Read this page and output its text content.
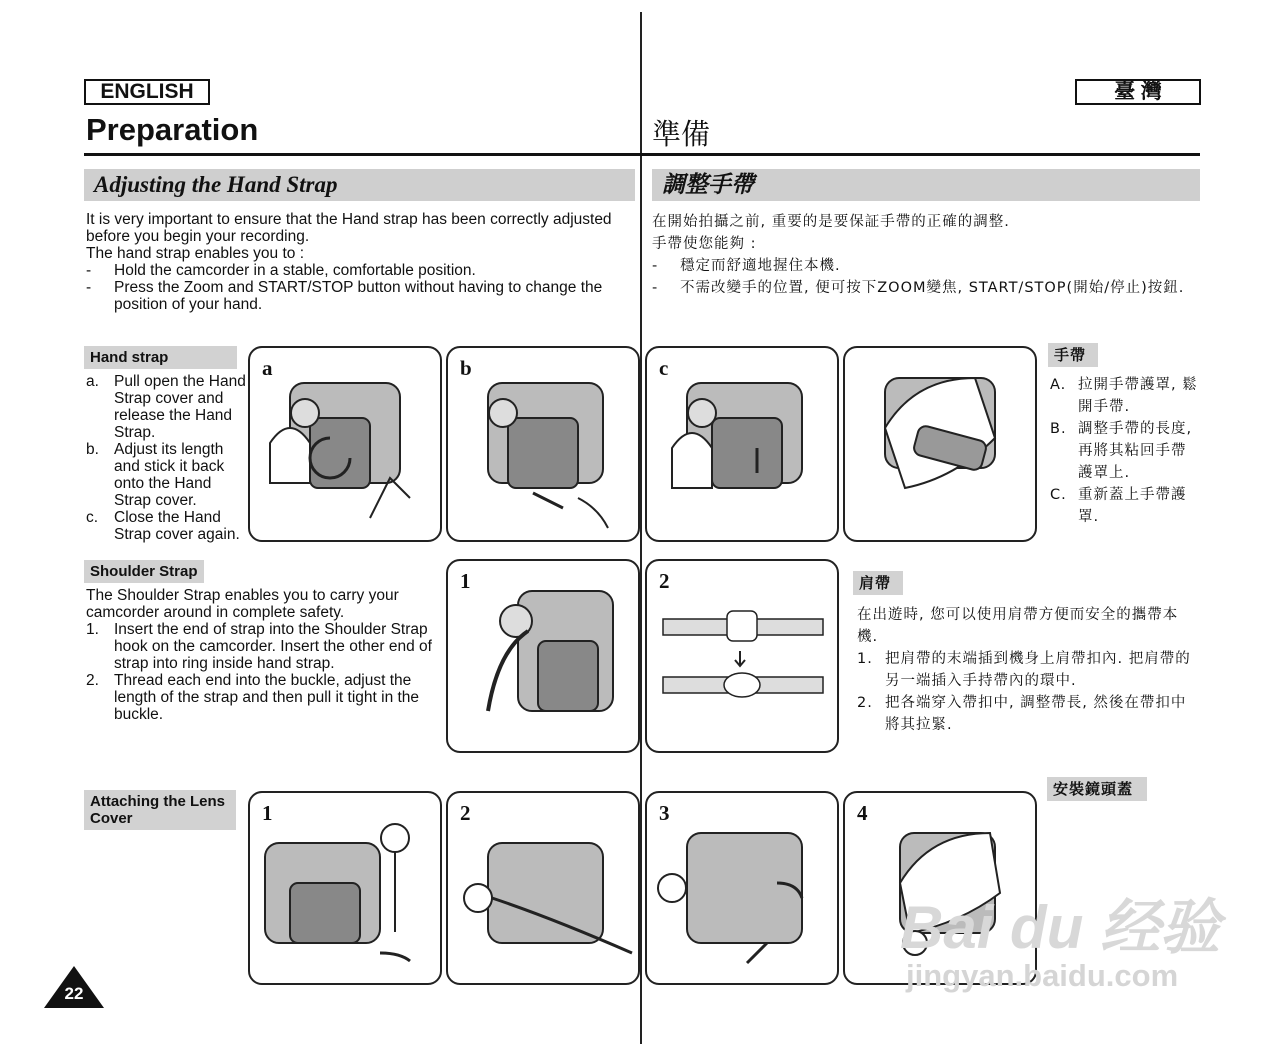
ENGLISH	臺 灣
Preparation	準備
Adjusting the Hand Strap	調整手帶

It is very important to ensure that the Hand strap has been correctly adjusted

before you begin your recording.

The hand strap enables you to :

- Hold the camcorder in a stable, comfortable position.
- Press the Zoom and START/STOP button without having to change the position of your hand.

在開始拍攝之前, 重要的是要保証手帶的正確的調整.

手帶使您能夠 :

- 穩定而舒適地握住本機.
- 不需改變手的位置, 便可按下ZOOM變焦, START/STOP(開始/停止)按鈕.
Hand strap
a. Pull open the Hand Strap cover and release the Hand Strap.
b. Adjust its length and stick it back onto the Hand Strap cover.
c. Close the Hand Strap cover again.
手帶
A. 拉開手帶護罩, 鬆開手帶.
B. 調整手帶的長度, 再將其粘回手帶護罩上.
C. 重新蓋上手帶護罩.
a	b	c
Shoulder Strap

The Shoulder Strap enables you to carry your camcorder around in complete safety.

1. Insert the end of strap into the Shoulder Strap hook on the camcorder. Insert the other end of strap into ring inside hand strap.
2. Thread each end into the buckle, adjust the length of the strap and then pull it tight in the buckle.
1	2	肩帶

在出遊時, 您可以使用肩帶方便而安全的攜帶本機.

1. 把肩帶的末端插到機身上肩帶扣內. 把肩帶的另一端插入手持帶內的環中.
2. 把各端穿入帶扣中, 調整帶長, 然後在帶扣中將其拉緊.
Attaching the Lens Cover
安裝鏡頭蓋
1	2	3	4
22
Bai du 经验
jingyan.baidu.com
